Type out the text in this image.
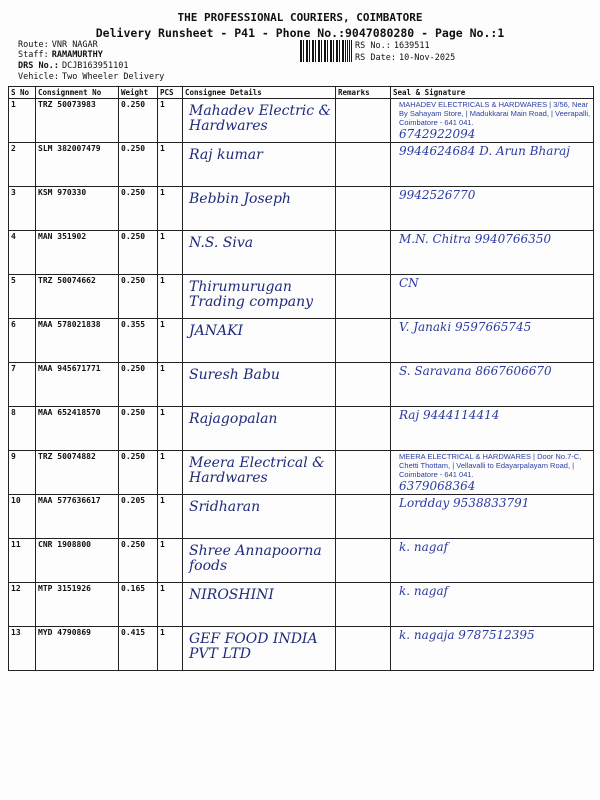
THE PROFESSIONAL COURIERS, COIMBATORE
Delivery Runsheet - P41 - Phone No.:9047080280 - Page No.:1
Route: VNR NAGAR
Staff: RAMAMURTHY
DRS No.: DCJB163951101
Vehicle: Two Wheeler Delivery
RS No.: 1639511
RS Date: 10-Nov-2025
S No	Consignment No	Weight	PCS	Consignee Details	Remarks	Seal & Signature
1	TRZ 50073983	0.250	1	Mahadev Electric & Hardwares		MAHADEV ELECTRICALS & HARDWARES | 3/56, Near By Sahayam Store, | Madukkarai Main Road, | Veerapalli, Coimbatore - 641 041.
6742922094

2	SLM 382007479	0.250	1	Raj kumar		9944624684 D. Arun Bharaj

3	KSM 970330	0.250	1	Bebbin Joseph		9942526770

4	MAN 351902	0.250	1	N.S. Siva		M.N. Chitra 9940766350

5	TRZ 50074662	0.250	1	Thirumurugan Trading company		CN

6	MAA 578021838	0.355	1	JANAKI		V. Janaki 9597665745

7	MAA 945671771	0.250	1	Suresh Babu		S. Saravana 8667606670

8	MAA 652418570	0.250	1	Rajagopalan		Raj 9444114414

9	TRZ 50074882	0.250	1	Meera Electrical & Hardwares		MEERA ELECTRICAL & HARDWARES | Door No.7-C, Chetti Thottam, | Vellavalli to Edayarpalayam Road, | Coimbatore - 641 041.
6379068364

10	MAA 577636617	0.205	1	Sridharan		Lordday 9538833791

11	CNR 1908800	0.250	1	Shree Annapoorna foods		k. nagaf

12	MTP 3151926	0.165	1	NIROSHINI		k. nagaf

13	MYD 4790869	0.415	1	GEF FOOD INDIA PVT LTD		k. nagaja 9787512395
